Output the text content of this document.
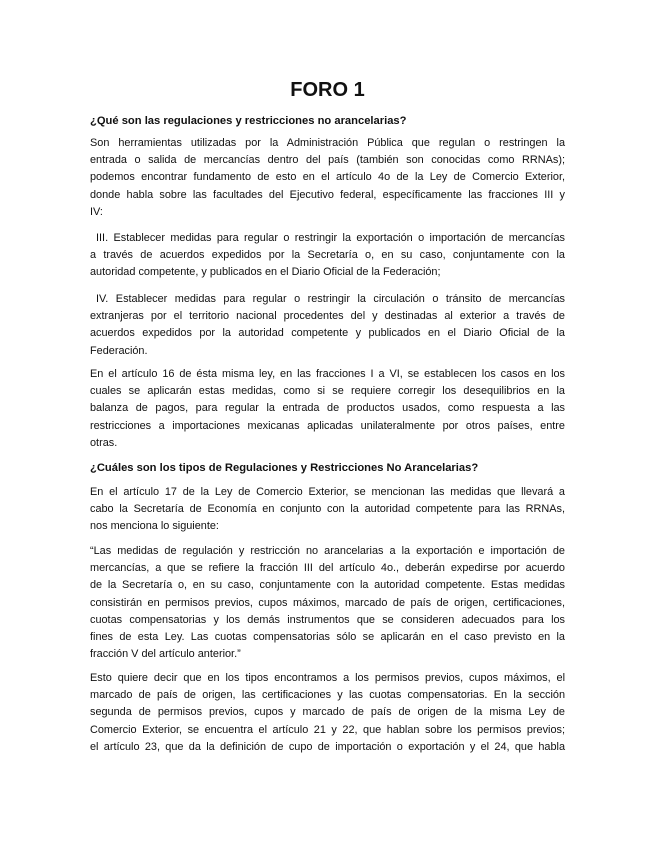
FORO 1
¿Qué son las regulaciones y restricciones no arancelarias?
Son herramientas utilizadas por la Administración Pública que regulan o restringen la
entrada o salida de mercancías dentro del país (también son conocidas como RRNAs);
podemos encontrar fundamento de esto en el artículo 4o de la Ley de Comercio Exterior,
donde habla sobre las facultades del Ejecutivo federal, específicamente las fracciones III y
IV:
III. Establecer medidas para regular o restringir la exportación o importación de mercancías
a través de acuerdos expedidos por la Secretaría o, en su caso, conjuntamente con la
autoridad competente, y publicados en el Diario Oficial de la Federación;
IV. Establecer medidas para regular o restringir la circulación o tránsito de mercancías
extranjeras por el territorio nacional procedentes del y destinadas al exterior a través de
acuerdos expedidos por la autoridad competente y publicados en el Diario Oficial de la
Federación.
En el artículo 16 de ésta misma ley, en las fracciones I a VI, se establecen los casos en los
cuales se aplicarán estas medidas, como si se requiere corregir los desequilibrios en la
balanza de pagos, para regular la entrada de productos usados, como respuesta a las
restricciones a importaciones mexicanas aplicadas unilateralmente por otros países, entre
otras.
¿Cuáles son los tipos de Regulaciones y Restricciones No Arancelarias?
En el artículo 17 de la Ley de Comercio Exterior, se mencionan las medidas que llevará a
cabo la Secretaría de Economía en conjunto con la autoridad competente para las RRNAs,
nos menciona lo siguiente:
“Las medidas de regulación y restricción no arancelarias a la exportación e importación de
mercancías, a que se refiere la fracción III del artículo 4o., deberán expedirse por acuerdo
de la Secretaría o, en su caso, conjuntamente con la autoridad competente. Estas medidas
consistirán en permisos previos, cupos máximos, marcado de país de origen, certificaciones,
cuotas compensatorias y los demás instrumentos que se consideren adecuados para los
fines de esta Ley. Las cuotas compensatorias sólo se aplicarán en el caso previsto en la
fracción V del artículo anterior.”
Esto quiere decir que en los tipos encontramos a los permisos previos, cupos máximos, el
marcado de país de origen, las certificaciones y las cuotas compensatorias. En la sección
segunda de permisos previos, cupos y marcado de país de origen de la misma Ley de
Comercio Exterior, se encuentra el artículo 21 y 22, que hablan sobre los permisos previos;
el artículo 23, que da la definición de cupo de importación o exportación y el 24, que habla
